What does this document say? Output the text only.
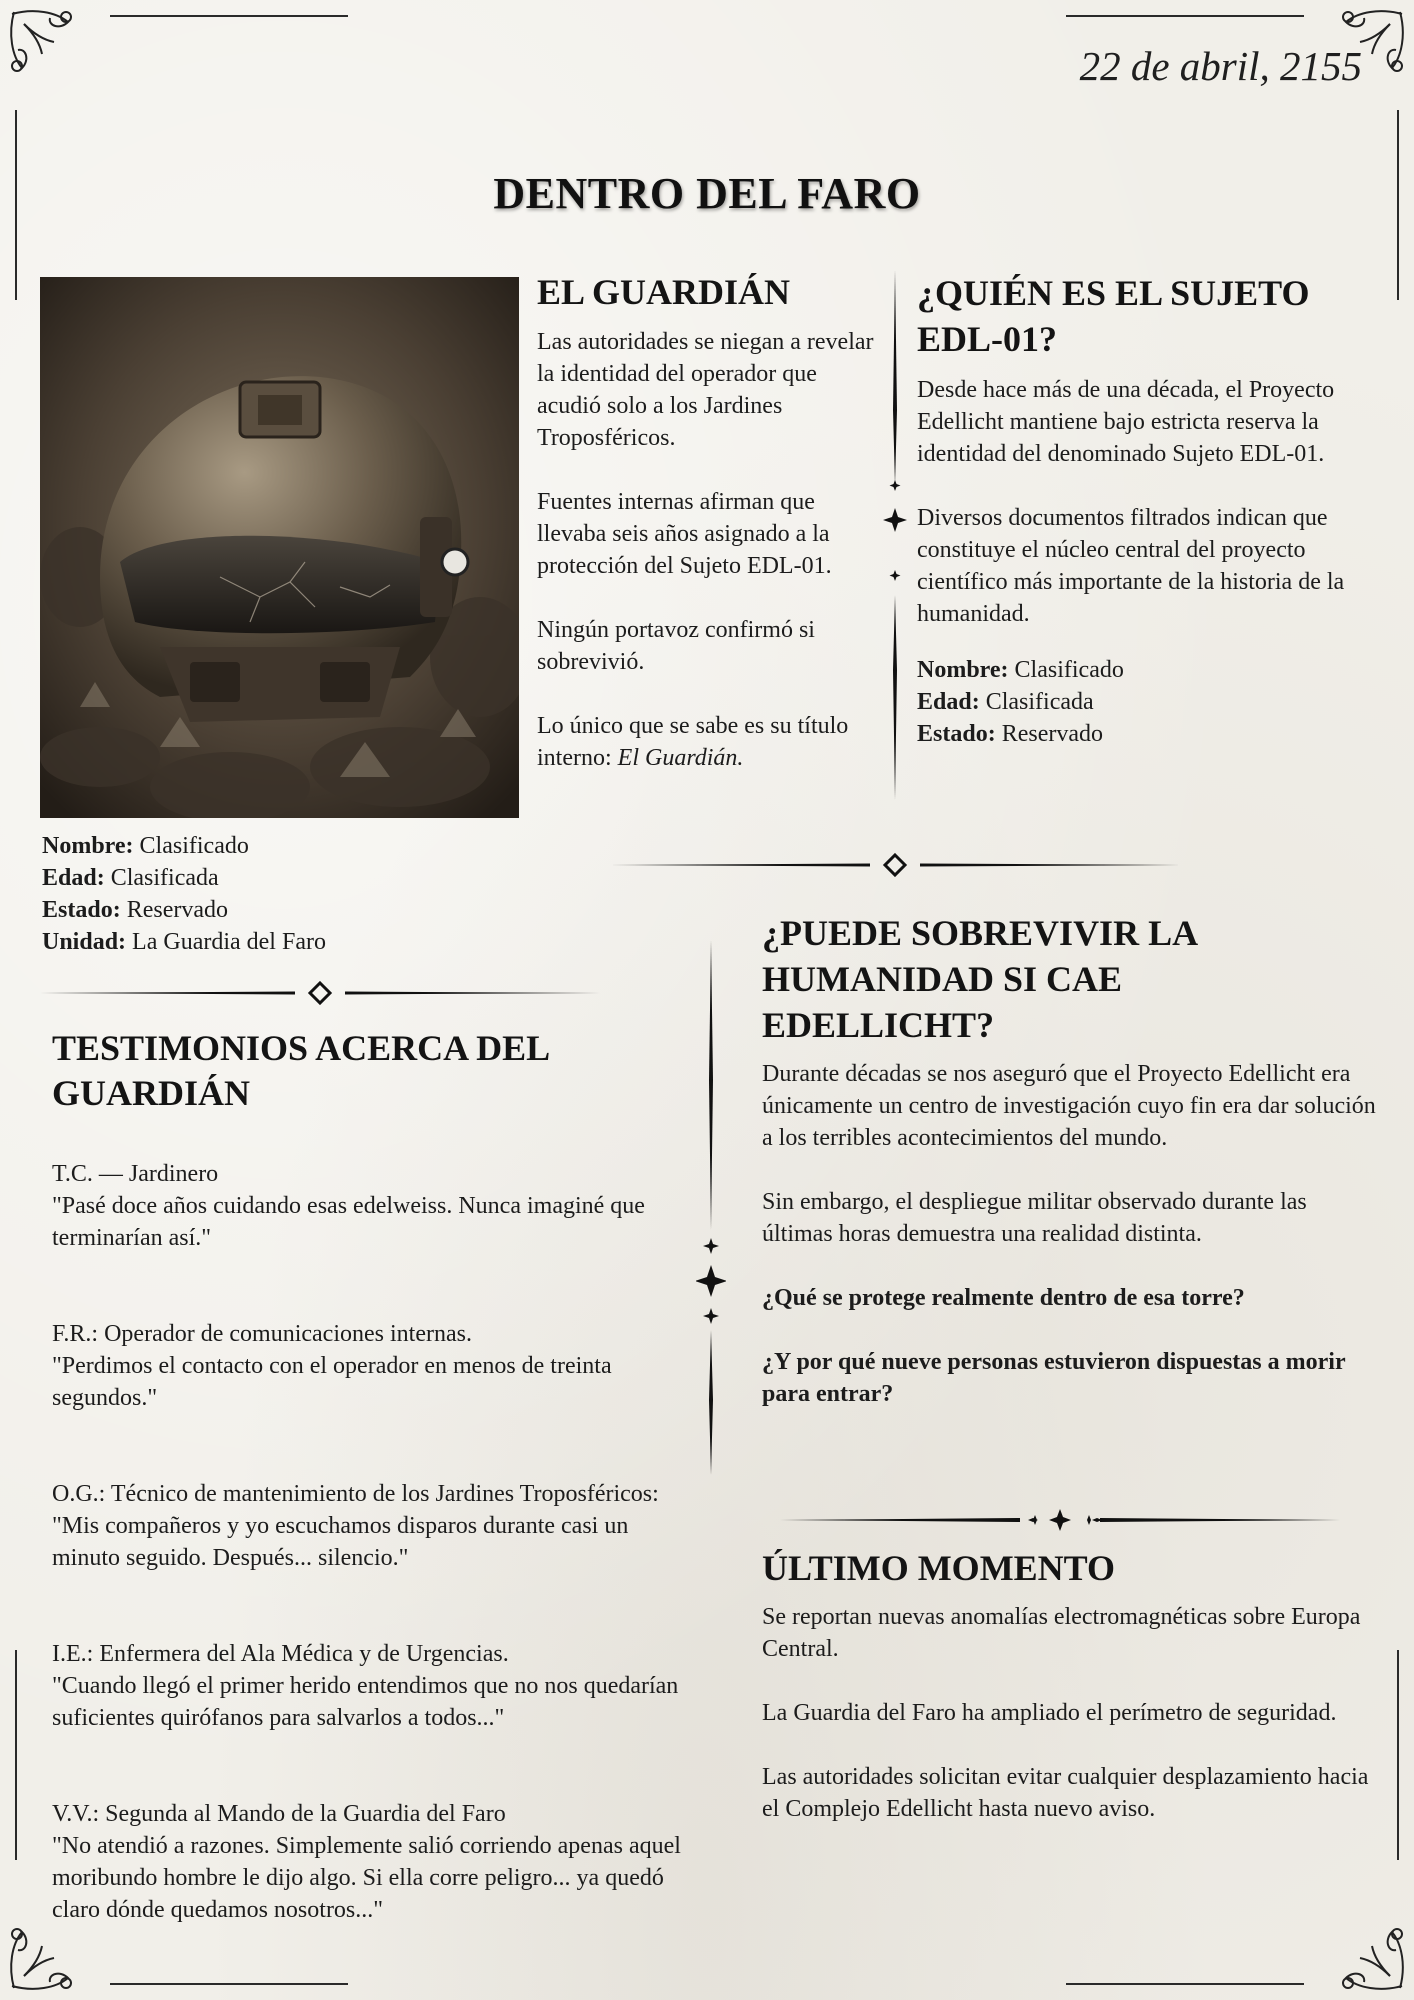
22 de abril, 2155
DENTRO DEL FARO
EL GUARDIÁN

Las autoridades se niegan a revelar la identidad del operador que acudió solo a los Jardines Troposféricos.

Fuentes internas afirman que llevaba seis años asignado a la protección del Sujeto EDL-01.

Ningún portavoz confirmó si sobrevivió.

Lo único que se sabe es su título interno: El Guardián.

¿QUIÉN ES EL SUJETO EDL-01?

Desde hace más de una década, el Proyecto Edellicht mantiene bajo estricta reserva la identidad del denominado Sujeto EDL-01.

Diversos documentos filtrados indican que constituye el núcleo central del proyecto científico más importante de la historia de la humanidad.

Nombre: Clasificado
Edad: Clasificada
Estado: Reservado
Nombre: Clasificado
Edad: Clasificada
Estado: Reservado
Unidad: La Guardia del Faro
TESTIMONIOS ACERCA DEL GUARDIÁN

T.C. — Jardinero
"Pasé doce años cuidando esas edelweiss. Nunca imaginé que terminarían así."

F.R.: Operador de comunicaciones internas.
"Perdimos el contacto con el operador en menos de treinta segundos."

O.G.: Técnico de mantenimiento de los Jardines Troposféricos:
"Mis compañeros y yo escuchamos disparos durante casi un minuto seguido. Después... silencio."

I.E.: Enfermera del Ala Médica y de Urgencias.
"Cuando llegó el primer herido entendimos que no nos quedarían suficientes quirófanos para salvarlos a todos..."

V.V.: Segunda al Mando de la Guardia del Faro
"No atendió a razones. Simplemente salió corriendo apenas aquel moribundo hombre le dijo algo. Si ella corre peligro... ya quedó claro dónde quedamos nosotros..."

¿PUEDE SOBREVIVIR LA HUMANIDAD SI CAE EDELLICHT?

Durante décadas se nos aseguró que el Proyecto Edellicht era únicamente un centro de investigación cuyo fin era dar solución a los terribles acontecimientos del mundo.

Sin embargo, el despliegue militar observado durante las últimas horas demuestra una realidad distinta.

¿Qué se protege realmente dentro de esa torre?

¿Y por qué nueve personas estuvieron dispuestas a morir para entrar?

ÚLTIMO MOMENTO

Se reportan nuevas anomalías electromagnéticas sobre Europa Central.

La Guardia del Faro ha ampliado el perímetro de seguridad.

Las autoridades solicitan evitar cualquier desplazamiento hacia el Complejo Edellicht hasta nuevo aviso.
